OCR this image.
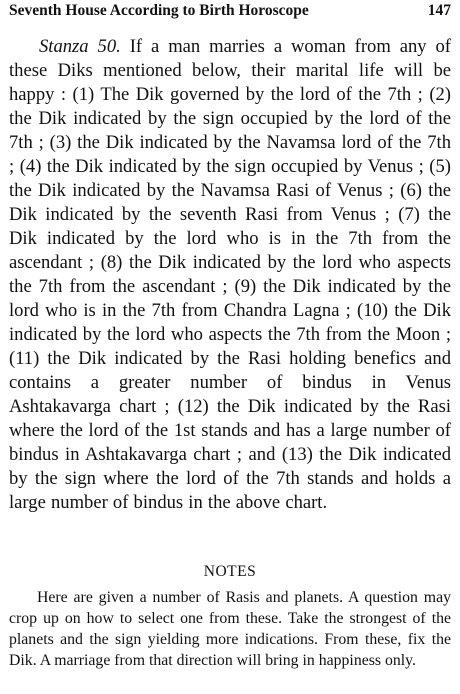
Seventh House According to Birth Horoscope	147

Stanza 50. If a man marries a woman from any of these Diks mentioned below, their marital life will be happy : (1) The Dik governed by the lord of the 7th ; (2) the Dik indicated by the sign occupied by the lord of the 7th ; (3) the Dik indicated by the Navamsa lord of the 7th ; (4) the Dik indicated by the sign occupied by Venus ; (5) the Dik indicated by the Navamsa Rasi of Venus ; (6) the Dik indicated by the seventh Rasi from Venus ; (7) the Dik indicated by the lord who is in the 7th from the ascendant ; (8) the Dik indicated by the lord who aspects the 7th from the ascendant ; (9) the Dik indicated by the lord who is in the 7th from Chandra Lagna ; (10) the Dik indicated by the lord who aspects the 7th from the Moon ; (11) the Dik indicated by the Rasi holding benefics and contains a greater number of bindus in Venus Ashtakavarga chart ; (12) the Dik indicated by the Rasi where the lord of the 1st stands and has a large number of bindus in Ashtakavarga chart ; and (13) the Dik indicated by the sign where the lord of the 7th stands and holds a large number of bindus in the above chart.

NOTES

Here are given a number of Rasis and planets. A question may crop up on how to select one from these. Take the strongest of the planets and the sign yielding more indications. From these, fix the Dik. A marriage from that direction will bring in happiness only.
